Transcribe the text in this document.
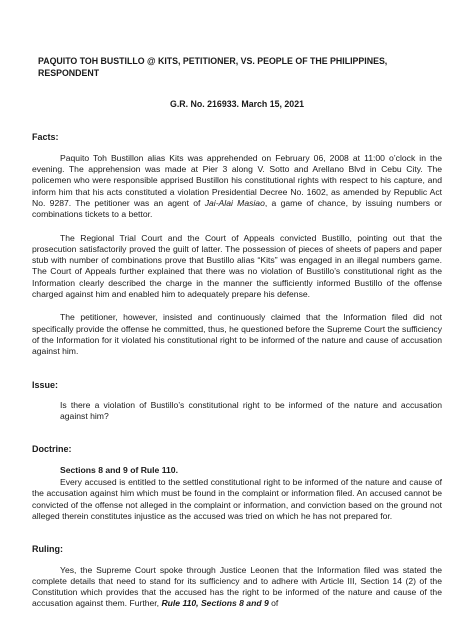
PAQUITO TOH BUSTILLO @ KITS, PETITIONER, VS. PEOPLE OF THE PHILIPPINES, RESPONDENT
G.R. No. 216933. March 15, 2021
Facts:

Paquito Toh Bustillon alias Kits was apprehended on February 06, 2008 at 11:00 o’clock in the evening. The apprehension was made at Pier 3 along V. Sotto and Arellano Blvd in Cebu City. The policemen who were responsible apprised Bustillon his constitutional rights with respect to his capture, and inform him that his acts constituted a violation Presidential Decree No. 1602, as amended by Republic Act No. 9287. The petitioner was an agent of Jai-Alai Masiao, a game of chance, by issuing numbers or combinations tickets to a bettor.

The Regional Trial Court and the Court of Appeals convicted Bustillo, pointing out that the prosecution satisfactorily proved the guilt of latter. The possession of pieces of sheets of papers and paper stub with number of combinations prove that Bustillo alias “Kits” was engaged in an illegal numbers game. The Court of Appeals further explained that there was no violation of Bustillo’s constitutional right as the Information clearly described the charge in the manner the sufficiently informed Bustillo of the offense charged against him and enabled him to adequately prepare his defense.

The petitioner, however, insisted and continuously claimed that the Information filed did not specifically provide the offense he committed, thus, he questioned before the Supreme Court the sufficiency of the Information for it violated his constitutional right to be informed of the nature and cause of accusation against him.

Issue:

Is there a violation of Bustillo’s constitutional right to be informed of the nature and accusation against him?

Doctrine:
Sections 8 and 9 of Rule 110.

Every accused is entitled to the settled constitutional right to be informed of the nature and cause of the accusation against him which must be found in the complaint or information filed. An accused cannot be convicted of the offense not alleged in the complaint or information, and conviction based on the ground not alleged therein constitutes injustice as the accused was tried on which he has not prepared for.

Ruling:

Yes, the Supreme Court spoke through Justice Leonen that the Information filed was stated the complete details that need to stand for its sufficiency and to adhere with Article III, Section 14 (2) of the Constitution which provides that the accused has the right to be informed of the nature and cause of the accusation against them. Further, Rule 110, Sections 8 and 9 of
